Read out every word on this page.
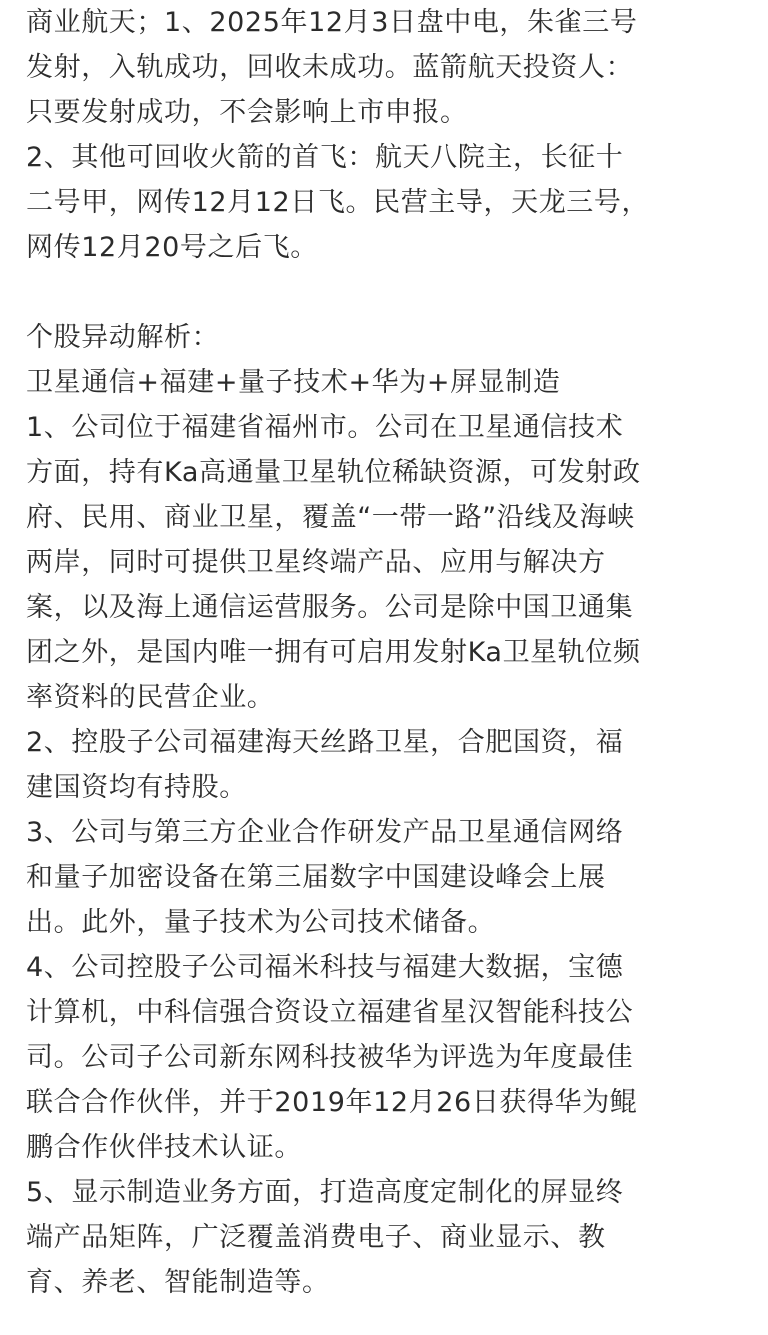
商业航天；1、2025年12月3日盘中电，朱雀三号
发射，入轨成功，回收未成功。蓝箭航天投资人：
只要发射成功，不会影响上市申报。
2、其他可回收火箭的首飞：航天八院主，长征十
二号甲，网传12月12日飞。民营主导，天龙三号，
网传12月20号之后飞。
个股异动解析：
卫星通信+福建+量子技术+华为+屏显制造
1、公司位于福建省福州市。公司在卫星通信技术
方面，持有Ka高通量卫星轨位稀缺资源，可发射政
府、民用、商业卫星，覆盖“一带一路”沿线及海峡
两岸，同时可提供卫星终端产品、应用与解决方
案，以及海上通信运营服务。公司是除中国卫通集
团之外，是国内唯一拥有可启用发射Ka卫星轨位频
率资料的民营企业。
2、控股子公司福建海天丝路卫星，合肥国资，福
建国资均有持股。
3、公司与第三方企业合作研发产品卫星通信网络
和量子加密设备在第三届数字中国建设峰会上展
出。此外，量子技术为公司技术储备。
4、公司控股子公司福米科技与福建大数据，宝德
计算机，中科信强合资设立福建省星汉智能科技公
司。公司子公司新东网科技被华为评选为年度最佳
联合合作伙伴，并于2019年12月26日获得华为鲲
鹏合作伙伴技术认证。
5、显示制造业务方面，打造高度定制化的屏显终
端产品矩阵，广泛覆盖消费电子、商业显示、教
育、养老、智能制造等。
